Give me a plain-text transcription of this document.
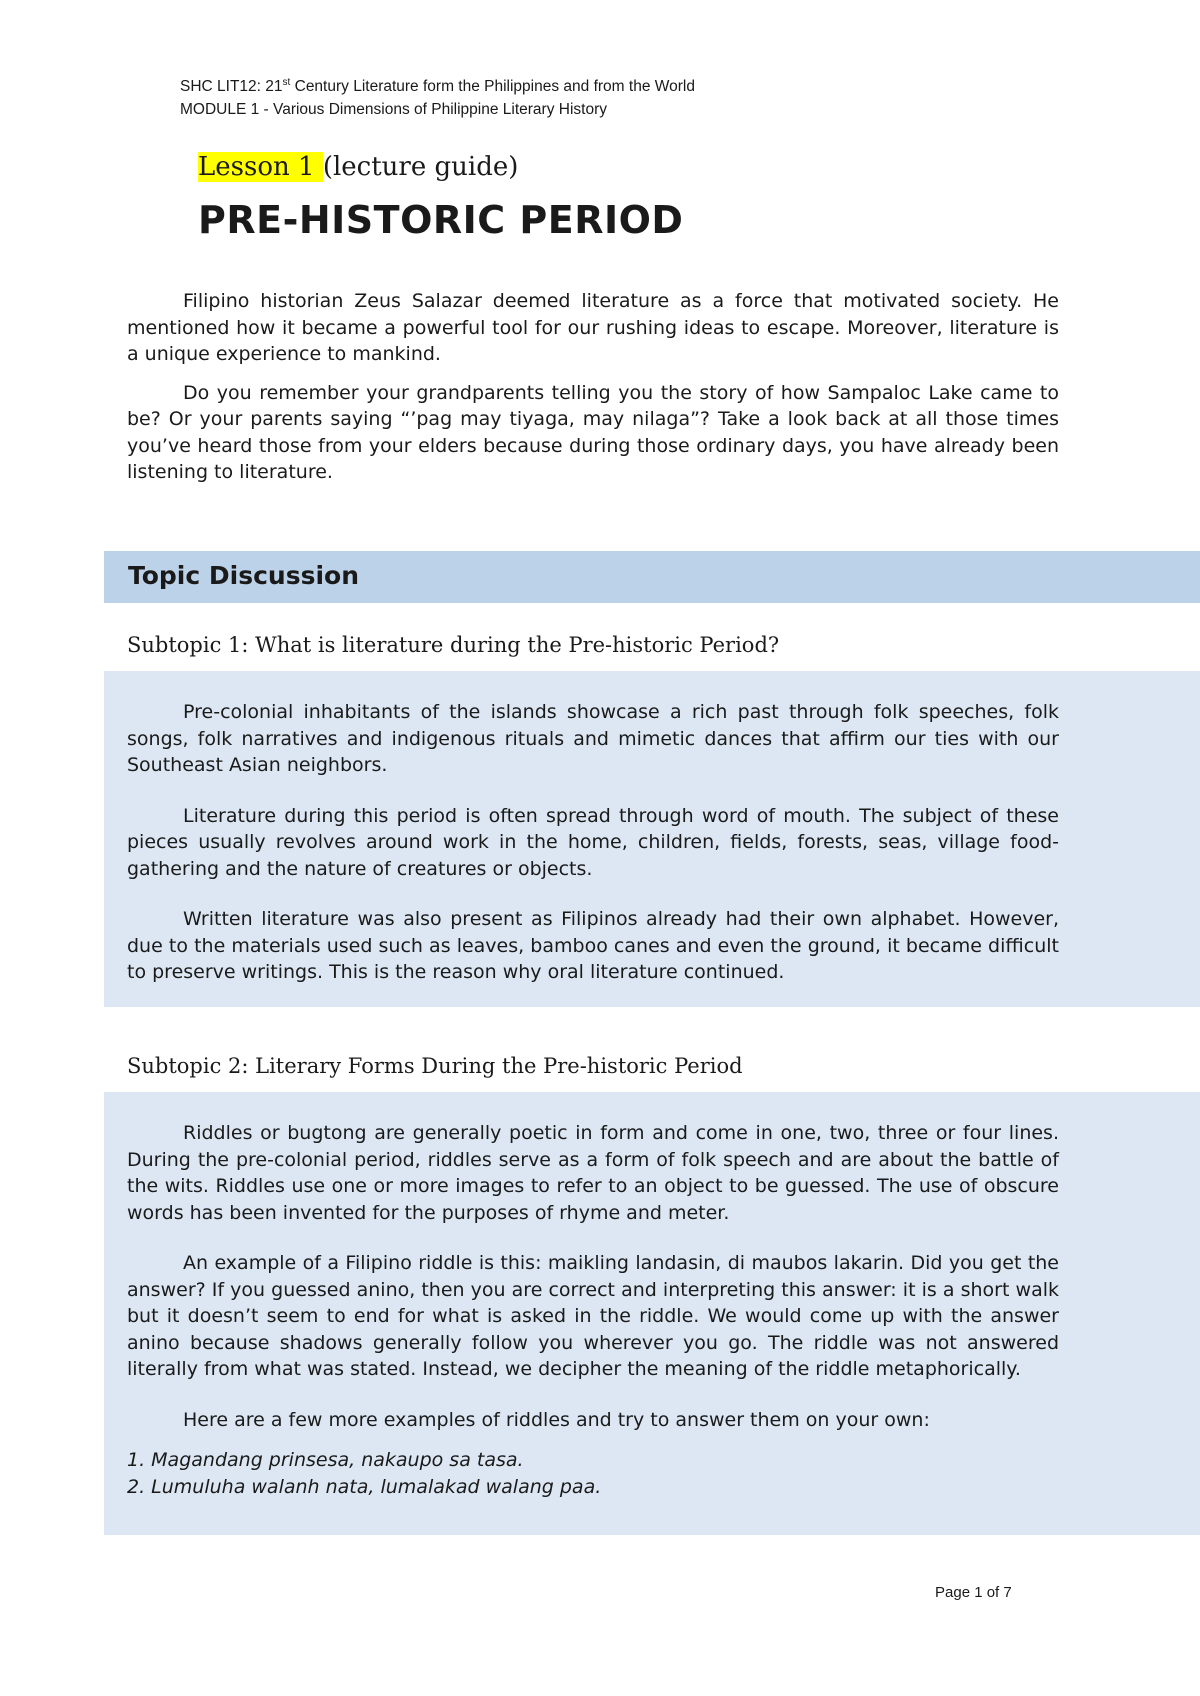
SHC LIT12: 21st Century Literature form the Philippines and from the World
MODULE 1 - Various Dimensions of Philippine Literary History
Lesson 1 (lecture guide)
PRE-HISTORIC PERIOD

Filipino historian Zeus Salazar deemed literature as a force that motivated society. He mentioned how it became a powerful tool for our rushing ideas to escape. Moreover, literature is a unique experience to mankind.

Do you remember your grandparents telling you the story of how Sampaloc Lake came to be? Or your parents saying “’pag may tiyaga, may nilaga”? Take a look back at all those times you’ve heard those from your elders because during those ordinary days, you have already been listening to literature.

Topic Discussion
Subtopic 1: What is literature during the Pre-historic Period?

Pre-colonial inhabitants of the islands showcase a rich past through folk speeches, folk songs, folk narratives and indigenous rituals and mimetic dances that affirm our ties with our Southeast Asian neighbors.

Literature during this period is often spread through word of mouth. The subject of these pieces usually revolves around work in the home, children, fields, forests, seas, village food-gathering and the nature of creatures or objects.

Written literature was also present as Filipinos already had their own alphabet. However, due to the materials used such as leaves, bamboo canes and even the ground, it became difficult to preserve writings. This is the reason why oral literature continued.

Subtopic 2: Literary Forms During the Pre-historic Period

Riddles or bugtong are generally poetic in form and come in one, two, three or four lines. During the pre-colonial period, riddles serve as a form of folk speech and are about the battle of the wits. Riddles use one or more images to refer to an object to be guessed. The use of obscure words has been invented for the purposes of rhyme and meter.

An example of a Filipino riddle is this: maikling landasin, di maubos lakarin. Did you get the answer? If you guessed anino, then you are correct and interpreting this answer: it is a short walk but it doesn’t seem to end for what is asked in the riddle. We would come up with the answer anino because shadows generally follow you wherever you go. The riddle was not answered literally from what was stated. Instead, we decipher the meaning of the riddle metaphorically.

Here are a few more examples of riddles and try to answer them on your own:

1. Magandang prinsesa, nakaupo sa tasa.
2. Lumuluha walanh nata, lumalakad walang paa.
Page 1 of 7
